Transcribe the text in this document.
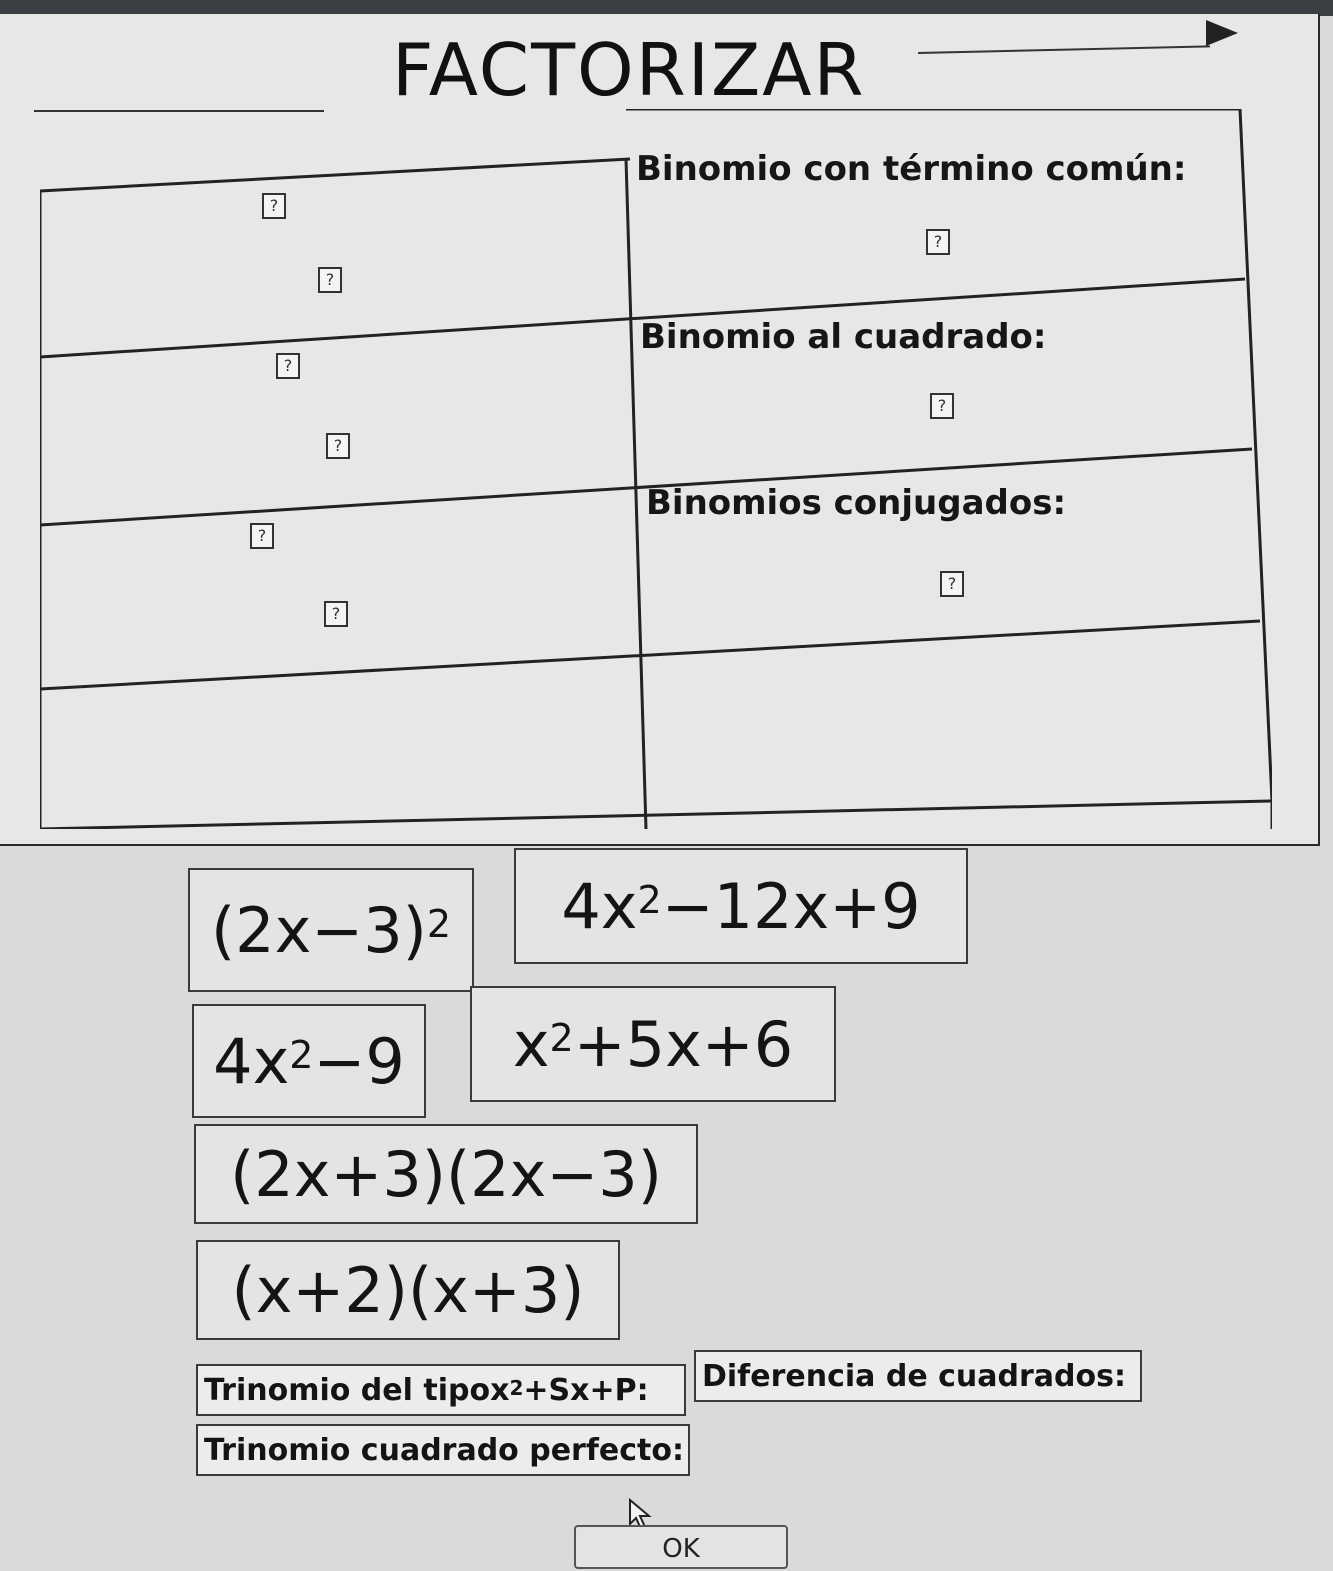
FACTORIZAR
Binomio con término común:
Binomio al cuadrado:
Binomios conjugados:
?
?
?
?
?
?
?
?
?
$(2x-3)^2$ $4x^2 -12x+9$
$4x^2 -9$ $x^2 +5x+6$
(2x+3)(2x−3)
(x+2)(x+3)
Trinomio del tipo $x^2 +Sx+P$: Diferencia de cuadrados:
Trinomio cuadrado perfecto:
OK
